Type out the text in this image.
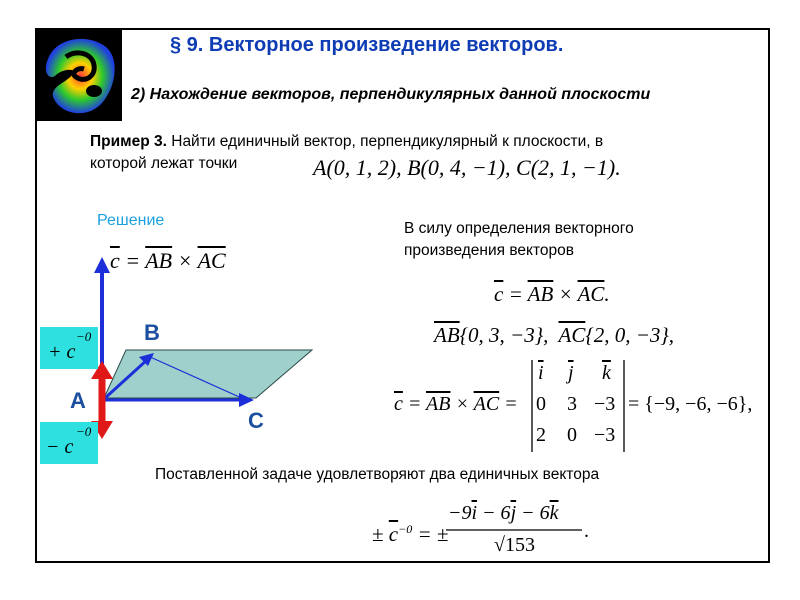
§ 9. Векторное произведение векторов.
2) Нахождение векторов, перпендикулярных данной плоскости
Пример 3. Найти единичный вектор, перпендикулярный к плоскости, в
которой лежат точки	A(0, 1, 2), B(0, 4, −1), C(2, 1, −1).
Решение
$\overline{c} = \overline{AB} \times \overline{AC}$
B
A
C
+ c
−0
− c
−0
В силу определения векторного произведения векторов
$\overline{c} = \overline{AB} \times \overline{AC}$.
$\overline{AB}\{0$, 3, −3},  $\overline{AC}\{2$, 0, −3},
$\overline{c} = \overline{AB} \times \overline{AC}$ =
$\overline{i}$ $\overline{j}$ $\overline{k}$
0 3 −3
2 0 −3
= {−9, −6, −6},
Поставленной задаче удовлетворяют два единичных вектора
± $\overline{c}^{-0}$ = ±
$-9\overline{i} - 6\overline{j} - 6\overline{k}$
√153
.
